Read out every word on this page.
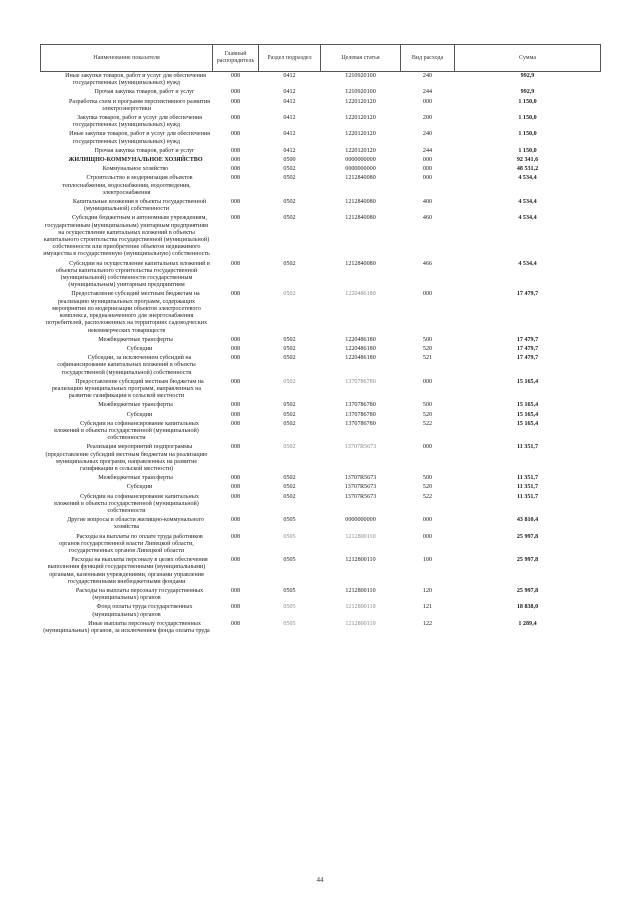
Наименование показателя	Главный распорядитель	Раздел подраздел	Целевая статья	Вид расхода	Сумма
Иные закупки товаров, работ и услуг для обеспечения государственных (муниципальных) нужд	008	0412	1210920100	240	992,9
Прочая закупка товаров, работ и услуг	008	0412	1210920100	244	992,9
Разработка схем и программ перспективного развития электроэнергетики	008	0412	1220120120	000	1 150,0
Закупка товаров, работ и услуг для обеспечения государственных (муниципальных) нужд	008	0412	1220120120	200	1 150,0
Иные закупки товаров, работ и услуг для обеспечения государственных (муниципальных) нужд	008	0412	1220120120	240	1 150,0
Прочая закупка товаров, работ и услуг	008	0412	1220120120	244	1 150,0
ЖИЛИЩНО-КОММУНАЛЬНОЕ ХОЗЯЙСТВО	008	0500	0000000000	000	92 341,6
Коммунальное хозяйство	008	0502	0000000000	000	48 531,2
Строительство и модернизация объектов теплоснабжения, водоснабжения, водоотведения, электроснабжения	008	0502	1212840080	000	4 534,4
Капитальные вложения в объекты государственной (муниципальной) собственности	008	0502	1212840080	400	4 534,4
Субсидии бюджетным и автономным учреждениям, государственным (муниципальным) унитарным предприятиям на осуществление капитальных вложений в объекты капитального строительства государственной (муниципальной) собственности или приобретение объектов недвижимого имущества в государственную (муниципальную) собственность	008	0502	1212840080	460	4 534,4
Субсидии на осуществление капитальных вложений в объекты капитального строительства государственной (муниципальной) собственности государственным (муниципальным) унитарным предприятиям	008	0502	1212840080	466	4 534,4
Предоставление субсидий местным бюджетам на реализацию муниципальных программ, содержащих мероприятия по модернизации объектов электросетевого комплекса, предназначенного для энергоснабжения потребителей, расположенных на территориях садоводческих некоммерческих товариществ	008	0502	1220486180	000	17 479,7
Межбюджетные трансферты	008	0502	1220486180	500	17 479,7
Субсидии	008	0502	1220486180	520	17 479,7
Субсидии, за исключением субсидий на софинансирование капитальных вложений в объекты государственной (муниципальной) собственности	008	0502	1220486180	521	17 479,7
Предоставление субсидий местным бюджетам на реализацию муниципальных программ, направленных на развитие газификации в сельской местности	008	0502	1370786780	000	15 165,4
Межбюджетные трансферты	008	0502	1370786780	500	15 165,4
Субсидии	008	0502	1370786780	520	15 165,4
Субсидии на софинансирование капитальных вложений в объекты государственной (муниципальной) собственности	008	0502	1370786780	522	15 165,4
Реализация мероприятий подпрограммы (предоставление субсидий местным бюджетам на реализацию муниципальных программ, направленных на развитие газификации в сельской местности)	008	0502	13707R5673	000	11 351,7
Межбюджетные трансферты	008	0502	13707R5673	500	11 351,7
Субсидии	008	0502	13707R5673	520	11 351,7
Субсидии на софинансирование капитальных вложений в объекты государственной (муниципальной) собственности	008	0502	13707R5673	522	11 351,7
Другие вопросы в области жилищно-коммунального хозяйства	008	0505	0000000000	000	43 810,4
Расходы на выплаты по оплате труда работников органов государственной власти Липецкой области, государственных органов Липецкой области	008	0505	1212800110	000	25 997,8
Расходы на выплаты персоналу в целях обеспечения выполнения функций государственными (муниципальными) органами, казенными учреждениями, органами управления государственными внебюджетными фондами	008	0505	1212800110	100	25 997,8
Расходы на выплаты персоналу государственных (муниципальных) органов	008	0505	1212800110	120	25 997,8
Фонд оплаты труда государственных (муниципальных) органов	008	0505	1212800110	121	18 838,0
Иные выплаты персоналу государственных (муниципальных) органов, за исключением фонда оплаты труда	008	0505	1212800110	122	1 289,4
44
